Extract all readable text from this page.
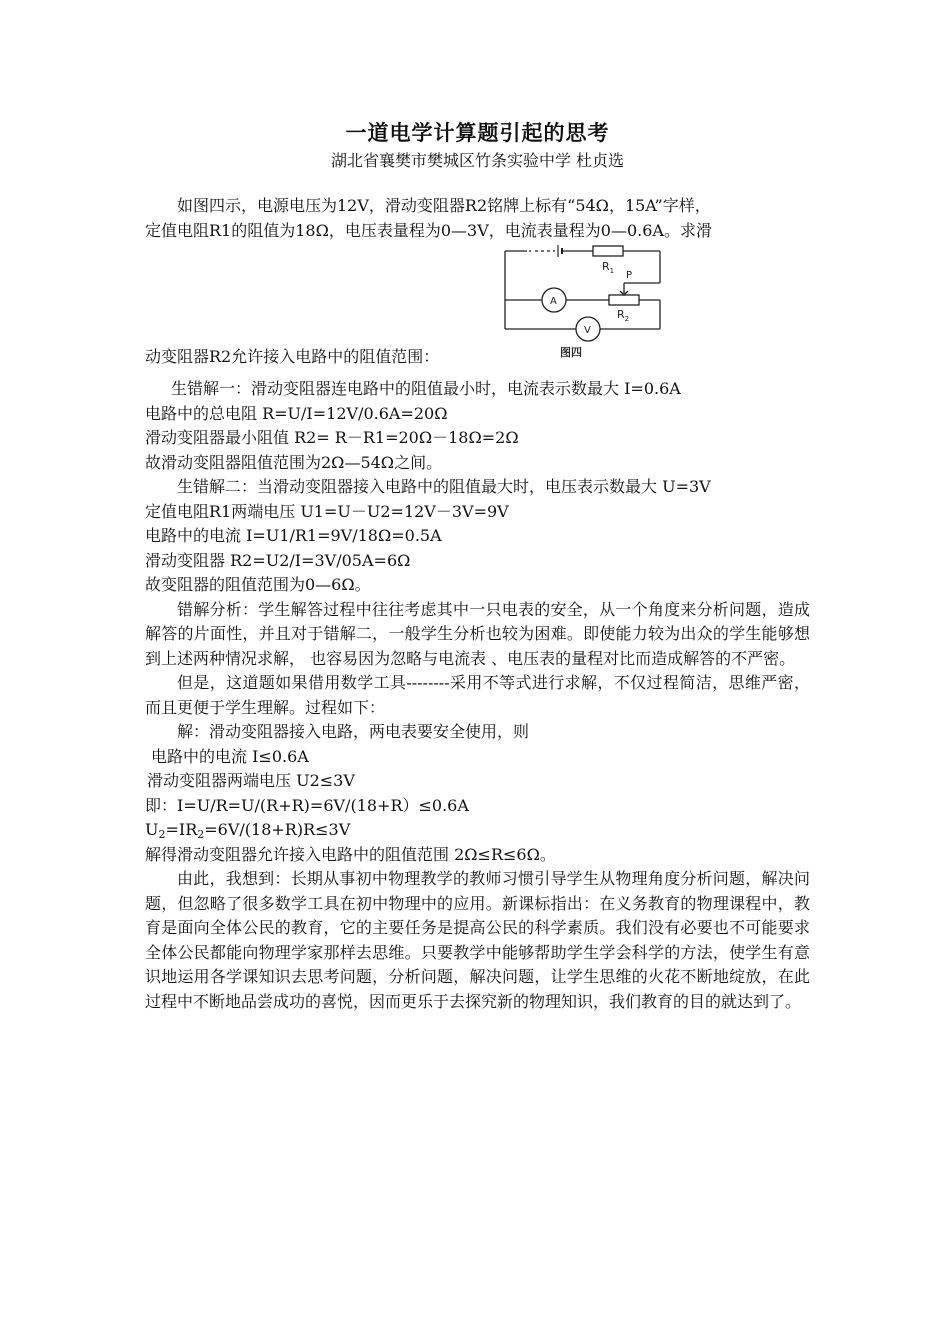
一道电学计算题引起的思考

湖北省襄樊市樊城区竹条实验中学 杜贞选

如图四示，电源电压为12V，滑动变阻器R2铭牌上标有“54Ω，15A”字样，

定值电阻R1的阻值为18Ω，电压表量程为0—3V，电流表量程为0—0.6A。求滑

$R_1$ P
$R_2$
A
V
图四

动变阻器R2允许接入电路中的阻值范围：

生错解一：滑动变阻器连电路中的阻值最小时，电流表示数最大 I=0.6A

电路中的总电阻 R=U/I=12V/0.6A=20Ω

滑动变阻器最小阻值 R2= R－R1=20Ω－18Ω=2Ω

故滑动变阻器阻值范围为2Ω—54Ω之间。

生错解二：当滑动变阻器接入电路中的阻值最大时，电压表示数最大 U=3V

定值电阻R1两端电压 U1=U－U2=12V－3V=9V

电路中的电流 I=U1/R1=9V/18Ω=0.5A

滑动变阻器 R2=U2/I=3V/05A=6Ω

故变阻器的阻值范围为0—6Ω。

错解分析：学生解答过程中往往考虑其中一只电表的安全，从一个角度来分析问题，造成解答的片面性，并且对于错解二，一般学生分析也较为困难。即使能力较为出众的学生能够想到上述两种情况求解， 也容易因为忽略与电流表 、电压表的量程对比而造成解答的不严密。

但是，这道题如果借用数学工具--------采用不等式进行求解，不仅过程简洁，思维严密，而且更便于学生理解。过程如下：

解：滑动变阻器接入电路，两电表要安全使用，则

电路中的电流 I≤0.6A

滑动变阻器两端电压 U2≤3V

即：I=U/R=U/(R+R)=6V/(18+R）≤0.6A

$U_2=IR_2=6V/(18+R)R\le 3V$

解得滑动变阻器允许接入电路中的阻值范围 2Ω≤R≤6Ω。

由此，我想到：长期从事初中物理教学的教师习惯引导学生从物理角度分析问题，解决问题，但忽略了很多数学工具在初中物理中的应用。新课标指出：在义务教育的物理课程中，教育是面向全体公民的教育，它的主要任务是提高公民的科学素质。我们没有必要也不可能要求全体公民都能向物理学家那样去思维。只要教学中能够帮助学生学会科学的方法，使学生有意识地运用各学课知识去思考问题，分析问题，解决问题，让学生思维的火花不断地绽放，在此过程中不断地品尝成功的喜悦，因而更乐于去探究新的物理知识，我们教育的目的就达到了。
